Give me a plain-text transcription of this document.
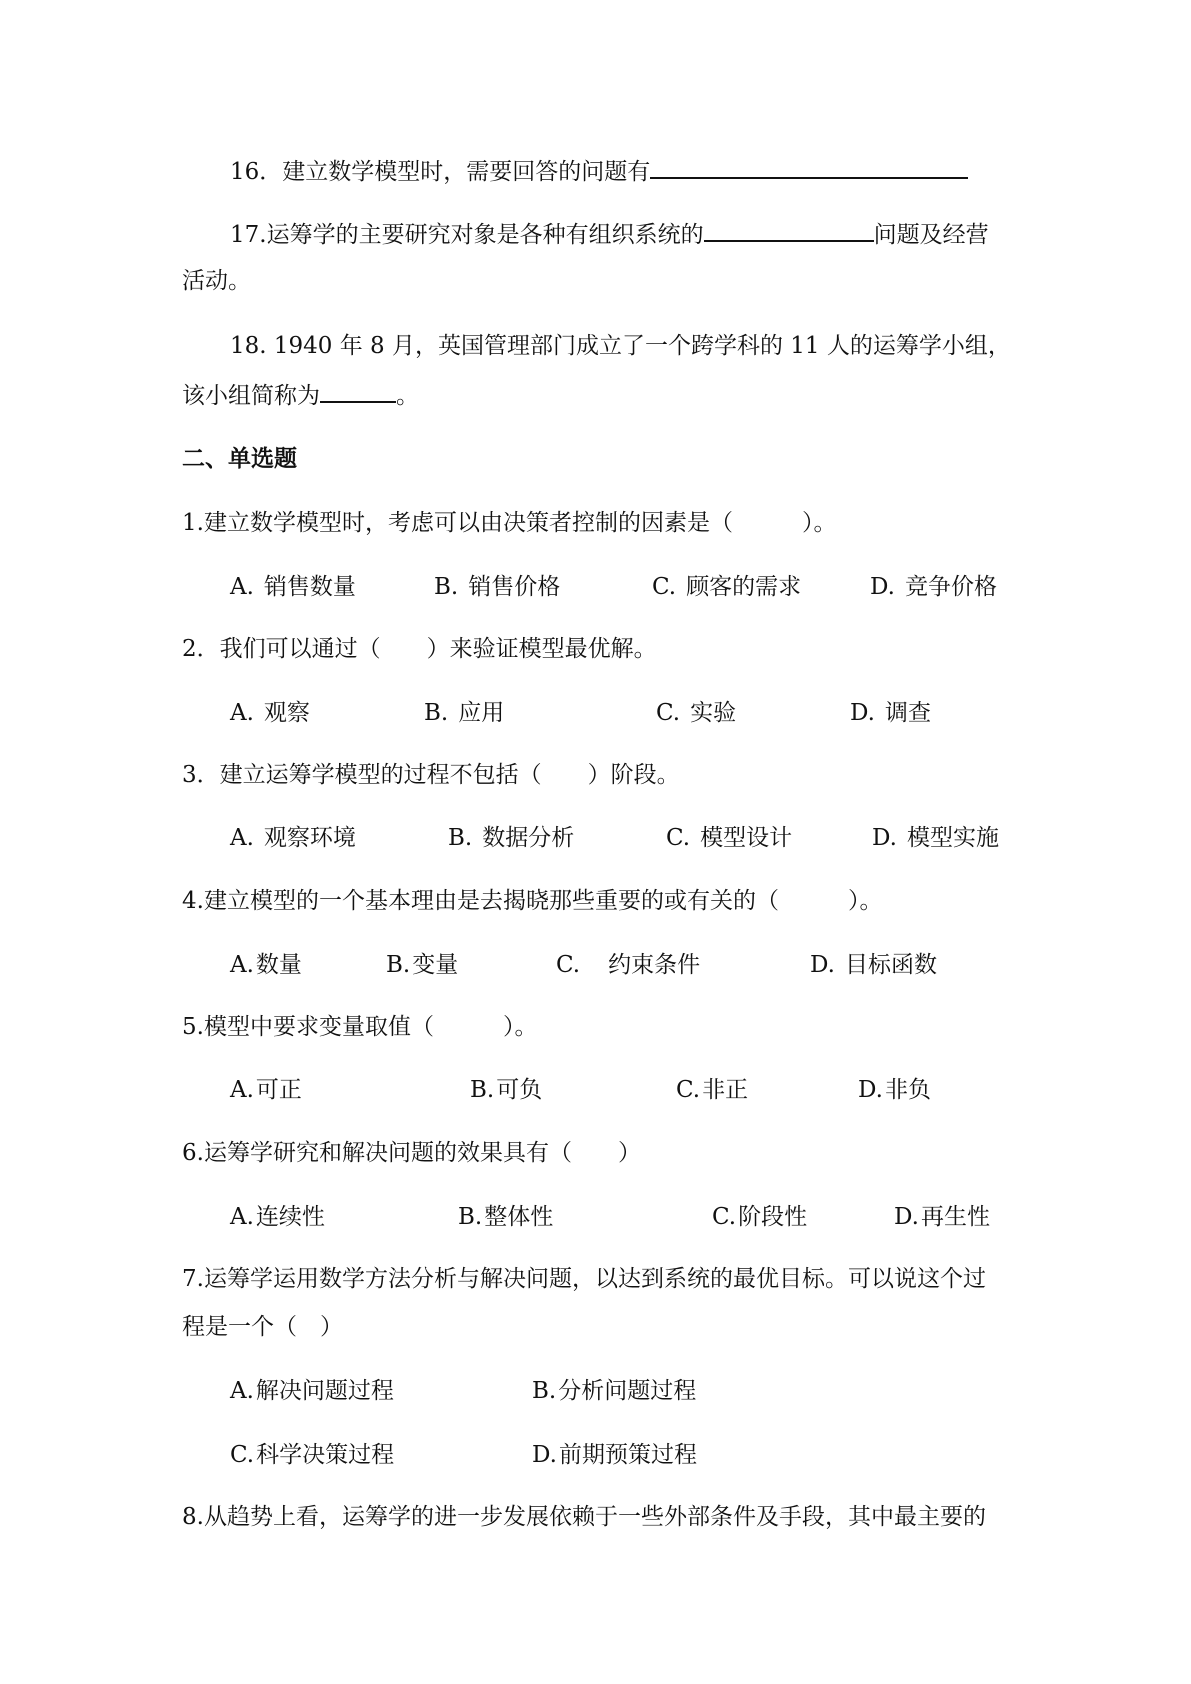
16．建立数学模型时，需要回答的问题有
17.运筹学的主要研究对象是各种有组织系统的	问题及经营
活动。
18. 1940 年 8 月，英国管理部门成立了一个跨学科的 11 人的运筹学小组，
该小组简称为	。
二、单选题
1.建立数学模型时，考虑可以由决策者控制的因素是（　　　）。
A. 销售数量	B. 销售价格	C. 顾客的需求	D. 竞争价格
2．我们可以通过（　　）来验证模型最优解。
A. 观察	B. 应用	C. 实验	D. 调查
3．建立运筹学模型的过程不包括（　　）阶段。
A. 观察环境	B. 数据分析	C. 模型设计	D. 模型实施
4.建立模型的一个基本理由是去揭晓那些重要的或有关的（　　　）。
A.数量	B.变量	C. 约束条件	D. 目标函数
5.模型中要求变量取值（　　　）。
A.可正	B.可负	C.非正	D.非负
6.运筹学研究和解决问题的效果具有（　　）
A.连续性	B.整体性	C.阶段性	D.再生性
7.运筹学运用数学方法分析与解决问题，以达到系统的最优目标。可以说这个过
程是一个（　）
A.解决问题过程	B.分析问题过程
C.科学决策过程	D.前期预策过程
8.从趋势上看，运筹学的进一步发展依赖于一些外部条件及手段，其中最主要的
